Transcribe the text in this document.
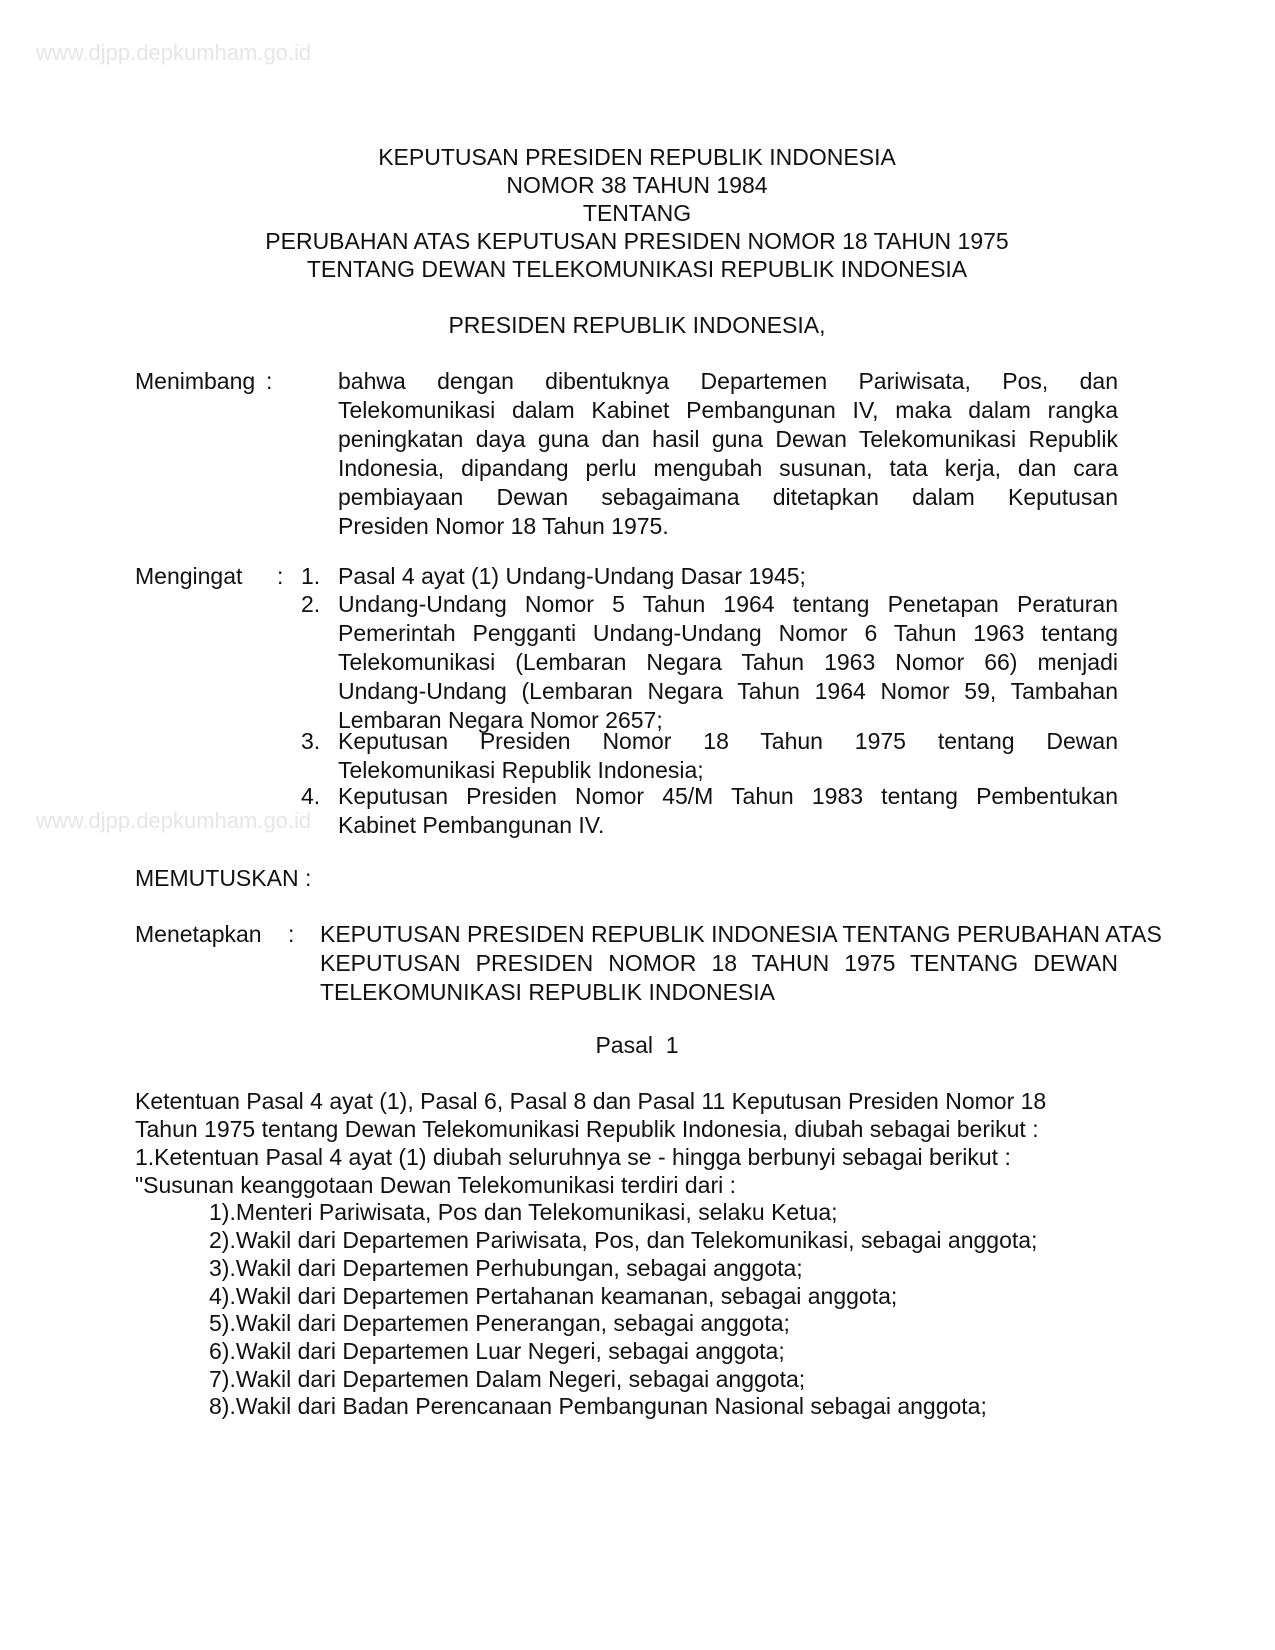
www.djpp.depkumham.go.id
www.djpp.depkumham.go.id
KEPUTUSAN PRESIDEN REPUBLIK INDONESIA
NOMOR 38 TAHUN 1984
TENTANG
PERUBAHAN ATAS KEPUTUSAN PRESIDEN NOMOR 18 TAHUN 1975
TENTANG DEWAN TELEKOMUNIKASI REPUBLIK INDONESIA
PRESIDEN REPUBLIK INDONESIA,
Menimbang :	bahwa dengan dibentuknya Departemen Pariwisata, Pos, dan
Telekomunikasi dalam Kabinet Pembangunan IV, maka dalam rangka
peningkatan daya guna dan hasil guna Dewan Telekomunikasi Republik
Indonesia, dipandang perlu mengubah susunan, tata kerja, dan cara
pembiayaan Dewan sebagaimana ditetapkan dalam Keputusan
Presiden Nomor 18 Tahun 1975.
Mengingat : 1. Pasal 4 ayat (1) Undang-Undang Dasar 1945;
2. Undang-Undang Nomor 5 Tahun 1964 tentang Penetapan Peraturan
Pemerintah Pengganti Undang-Undang Nomor 6 Tahun 1963 tentang
Telekomunikasi (Lembaran Negara Tahun 1963 Nomor 66) menjadi
Undang-Undang (Lembaran Negara Tahun 1964 Nomor 59, Tambahan
Lembaran Negara Nomor 2657;
3. Keputusan Presiden Nomor 18 Tahun 1975 tentang Dewan
Telekomunikasi Republik Indonesia;
4. Keputusan Presiden Nomor 45/M Tahun 1983 tentang Pembentukan
Kabinet Pembangunan IV.
MEMUTUSKAN :
Menetapkan : KEPUTUSAN PRESIDEN REPUBLIK INDONESIA TENTANG PERUBAHAN ATAS
KEPUTUSAN PRESIDEN NOMOR 18 TAHUN 1975 TENTANG DEWAN
TELEKOMUNIKASI REPUBLIK INDONESIA
Pasal  1
Ketentuan Pasal 4 ayat (1), Pasal 6, Pasal 8 dan Pasal 11 Keputusan Presiden Nomor 18
Tahun 1975 tentang Dewan Telekomunikasi Republik Indonesia, diubah sebagai berikut :
1.Ketentuan Pasal 4 ayat (1) diubah seluruhnya se - hingga berbunyi sebagai berikut :
"Susunan keanggotaan Dewan Telekomunikasi terdiri dari :
1).Menteri Pariwisata, Pos dan Telekomunikasi, selaku Ketua;
2).Wakil dari Departemen Pariwisata, Pos, dan Telekomunikasi, sebagai anggota;
3).Wakil dari Departemen Perhubungan, sebagai anggota;
4).Wakil dari Departemen Pertahanan keamanan, sebagai anggota;
5).Wakil dari Departemen Penerangan, sebagai anggota;
6).Wakil dari Departemen Luar Negeri, sebagai anggota;
7).Wakil dari Departemen Dalam Negeri, sebagai anggota;
8).Wakil dari Badan Perencanaan Pembangunan Nasional sebagai anggota;
